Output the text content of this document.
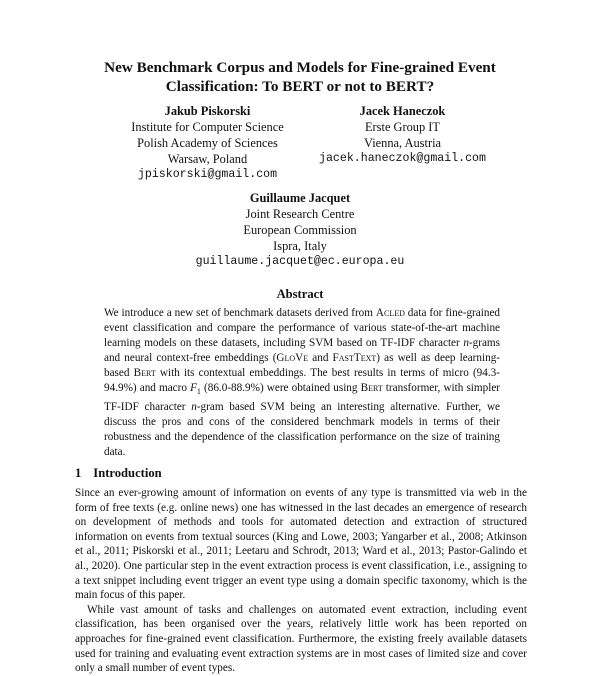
New Benchmark Corpus and Models for Fine-grained Event
Classification: To BERT or not to BERT?
Jakub Piskorski
Institute for Computer Science
Polish Academy of Sciences
Warsaw, Poland
jpiskorski@gmail.com
Jacek Haneczok
Erste Group IT
Vienna, Austria
jacek.haneczok@gmail.com
Guillaume Jacquet
Joint Research Centre
European Commission
Ispra, Italy
guillaume.jacquet@ec.europa.eu
Abstract
We introduce a new set of benchmark datasets derived from Acled data for fine-grained event classification and compare the performance of various state-of-the-art machine learning models on these datasets, including SVM based on TF-IDF character n-grams and neural context-free embeddings (GloVe and FastText) as well as deep learning-based Bert with its contextual embeddings. The best results in terms of micro (94.3-94.9%) and macro $F_1$ (86.0-88.9%) were obtained using Bert transformer, with simpler TF-IDF character n-gram based SVM being an interesting alternative. Further, we discuss the pros and cons of the considered benchmark models in terms of their robustness and the dependence of the classification performance on the size of training data.
1 Introduction

Since an ever-growing amount of information on events of any type is transmitted via web in the form of free texts (e.g. online news) one has witnessed in the last decades an emergence of research on development of methods and tools for automated detection and extraction of structured information on events from textual sources (King and Lowe, 2003; Yangarber et al., 2008; Atkinson et al., 2011; Piskorski et al., 2011; Leetaru and Schrodt, 2013; Ward et al., 2013; Pastor-Galindo et al., 2020). One particular step in the event extraction process is event classification, i.e., assigning to a text snippet including event trigger an event type using a domain specific taxonomy, which is the main focus of this paper.

While vast amount of tasks and challenges on automated event extraction, including event classification, has been organised over the years, relatively little work has been reported on approaches for fine-grained event classification. Furthermore, the existing freely available datasets used for training and evaluating event extraction systems are in most cases of limited size and cover only a small number of event types.
